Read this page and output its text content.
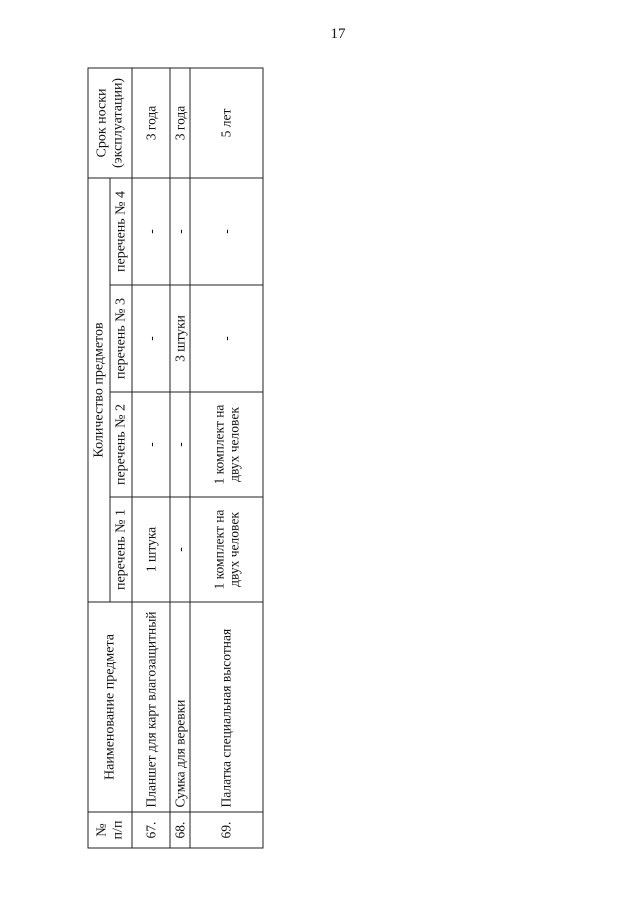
17
№ п/п	Наименование предмета	Количество предметов				Срок носки (эксплуатации)
		перечень № 1	перечень № 2	перечень № 3	перечень № 4	
67.	Планшет для карт влагозащитный	1 штука	-	-	-	3 года
68.	Сумка для веревки	-	-	3 штуки	-	3 года
69.	Палатка специальная высотная	1 комплект на двух человек	1 комплект на двух человек	-	-	5 лет
